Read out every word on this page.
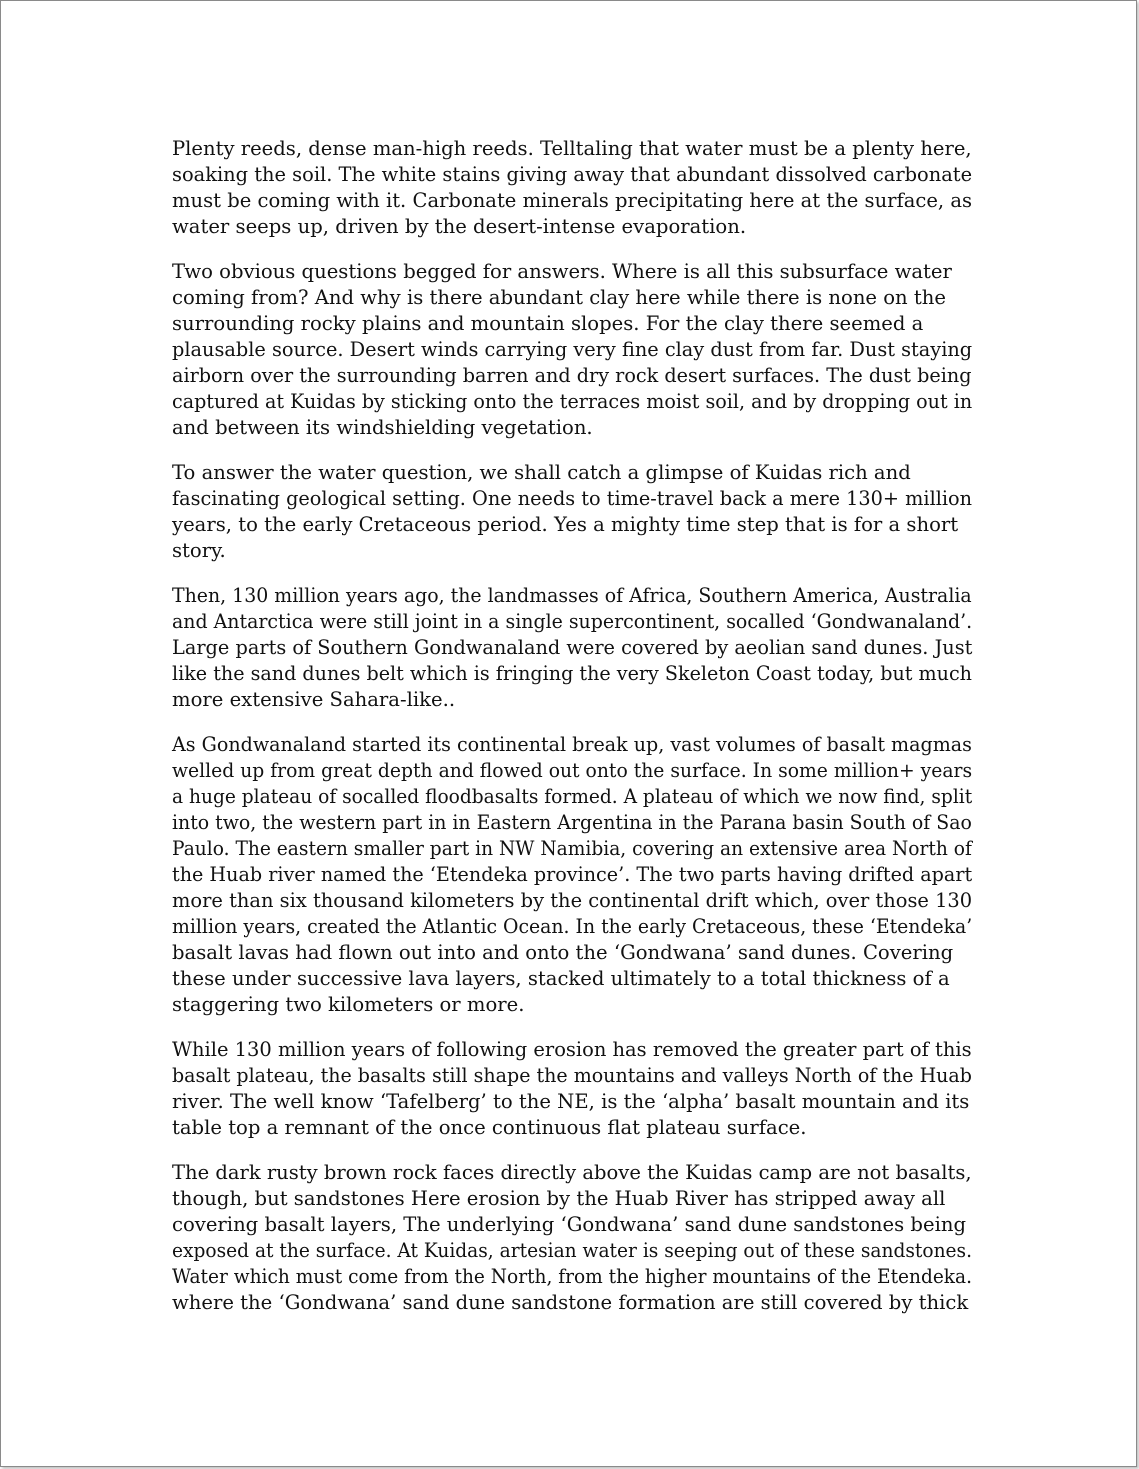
Plenty reeds, dense man-high reeds. Telltaling that water must be a plenty here,
soaking the soil. The white stains giving away that abundant dissolved carbonate
must be coming with it. Carbonate minerals precipitating here at the surface, as
water seeps up, driven by the desert-intense evaporation.
Two obvious questions begged for answers. Where is all this subsurface water
coming from? And why is there abundant clay here while there is none on the
surrounding rocky plains and mountain slopes. For the clay there seemed a
plausable source. Desert winds carrying very fine clay dust from far. Dust staying
airborn over the surrounding barren and dry rock desert surfaces. The dust being
captured at Kuidas by sticking onto the terraces moist soil, and by dropping out in
and between its windshielding vegetation.
To answer the water question, we shall catch a glimpse of Kuidas rich and
fascinating geological setting. One needs to time-travel back a mere 130+ million
years, to the early Cretaceous period. Yes a mighty time step that is for a short
story.
Then, 130 million years ago, the landmasses of Africa, Southern America, Australia
and Antarctica were still joint in a single supercontinent, socalled ‘Gondwanaland’.
Large parts of Southern Gondwanaland were covered by aeolian sand dunes. Just
like the sand dunes belt which is fringing the very Skeleton Coast today, but much
more extensive Sahara-like..
As Gondwanaland started its continental break up, vast volumes of basalt magmas
welled up from great depth and flowed out onto the surface. In some million+ years
a huge plateau of socalled floodbasalts formed. A plateau of which we now find, split
into two, the western part in in Eastern Argentina in the Parana basin South of Sao
Paulo. The eastern smaller part in NW Namibia, covering an extensive area North of
the Huab river named the ‘Etendeka province’. The two parts having drifted apart
more than six thousand kilometers by the continental drift which, over those 130
million years, created the Atlantic Ocean. In the early Cretaceous, these ‘Etendeka’
basalt lavas had flown out into and onto the ‘Gondwana’ sand dunes. Covering
these under successive lava layers, stacked ultimately to a total thickness of a
staggering two kilometers or more.
While 130 million years of following erosion has removed the greater part of this
basalt plateau, the basalts still shape the mountains and valleys North of the Huab
river. The well know ‘Tafelberg’ to the NE, is the ‘alpha’ basalt mountain and its
table top a remnant of the once continuous flat plateau surface.
The dark rusty brown rock faces directly above the Kuidas camp are not basalts,
though, but sandstones Here erosion by the Huab River has stripped away all
covering basalt layers, The underlying ‘Gondwana’ sand dune sandstones being
exposed at the surface. At Kuidas, artesian water is seeping out of these sandstones.
Water which must come from the North, from the higher mountains of the Etendeka.
where the ‘Gondwana’ sand dune sandstone formation are still covered by thick
